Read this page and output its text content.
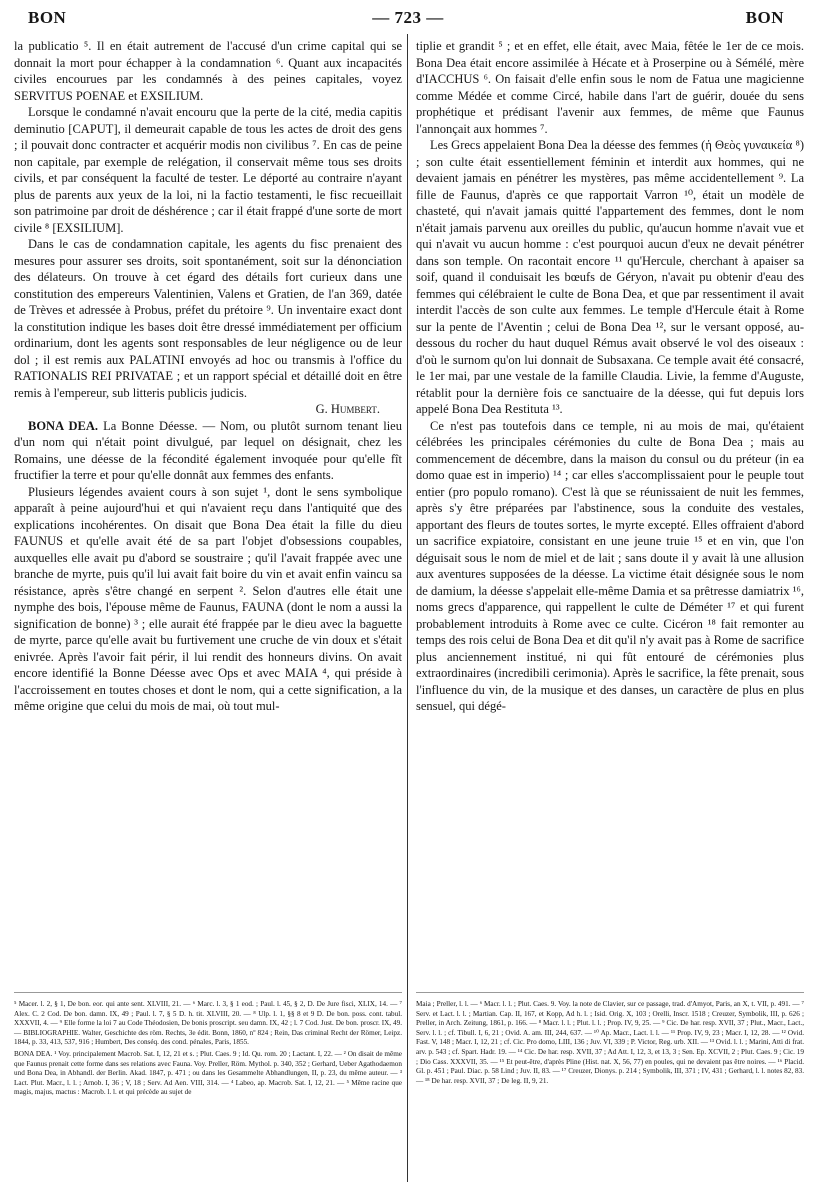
BON	— 723 —	BON

la publicatio ⁵. Il en était autrement de l'accusé d'un crime capital qui se donnait la mort pour échapper à la condamnation ⁶. Quant aux incapacités civiles encourues par les condamnés à des peines capitales, voyez SERVITUS POENAE et EXSILIUM.

Lorsque le condamné n'avait encouru que la perte de la cité, media capitis deminutio [CAPUT], il demeurait capable de tous les actes de droit des gens ; il pouvait donc contracter et acquérir modis non civilibus ⁷. En cas de peine non capitale, par exemple de relégation, il conservait même tous ses droits civils, et par conséquent la faculté de tester. Le déporté au contraire n'ayant plus de parents aux yeux de la loi, ni la factio testamenti, le fisc recueillait son patrimoine par droit de déshérence ; car il était frappé d'une sorte de mort civile ⁸ [EXSILIUM].

Dans le cas de condamnation capitale, les agents du fisc prenaient des mesures pour assurer ses droits, soit spontanément, soit sur la dénonciation des délateurs. On trouve à cet égard des détails fort curieux dans une constitution des empereurs Valentinien, Valens et Gratien, de l'an 369, datée de Trèves et adressée à Probus, préfet du prétoire ⁹. Un inventaire exact dont la constitution indique les bases doit être dressé immédiatement per officium ordinarium, dont les agents sont responsables de leur négligence ou de leur dol ; il est remis aux PALATINI envoyés ad hoc ou transmis à l'office du RATIONALIS REI PRIVATAE ; et un rapport spécial et détaillé doit en être remis à l'empereur, sub litteris publicis judicis.

G. Humbert.

BONA DEA. La Bonne Déesse. — Nom, ou plutôt surnom tenant lieu d'un nom qui n'était point divulgué, par lequel on désignait, chez les Romains, une déesse de la fécondité également invoquée pour qu'elle fît fructifier la terre et pour qu'elle donnât aux femmes des enfants.

Plusieurs légendes avaient cours à son sujet ¹, dont le sens symbolique apparaît à peine aujourd'hui et qui n'avaient reçu dans l'antiquité que des explications incohérentes. On disait que Bona Dea était la fille du dieu FAUNUS et qu'elle avait été de sa part l'objet d'obsessions coupables, auxquelles elle avait pu d'abord se soustraire ; qu'il l'avait frappée avec une branche de myrte, puis qu'il lui avait fait boire du vin et avait enfin vaincu sa résistance, après s'être changé en serpent ². Selon d'autres elle était une nymphe des bois, l'épouse même de Faunus, FAUNA (dont le nom a aussi la signification de bonne) ³ ; elle aurait été frappée par le dieu avec la baguette de myrte, parce qu'elle avait bu furtivement une cruche de vin doux et s'était enivrée. Après l'avoir fait périr, il lui rendit des honneurs divins. On avait encore identifié la Bonne Déesse avec Ops et avec MAIA ⁴, qui préside à l'accroissement en toutes choses et dont le nom, qui a cette signification, a la même origine que celui du mois de mai, où tout mul-

tiplie et grandit ⁵ ; et en effet, elle était, avec Maia, fêtée le 1er de ce mois. Bona Dea était encore assimilée à Hécate et à Proserpine ou à Sémélé, mère d'IACCHUS ⁶. On faisait d'elle enfin sous le nom de Fatua une magicienne comme Médée et comme Circé, habile dans l'art de guérir, douée du sens prophétique et prédisant l'avenir aux femmes, de même que Faunus l'annonçait aux hommes ⁷.

Les Grecs appelaient Bona Dea la déesse des femmes (ἡ Θεὸς γυναικεία ⁸) ; son culte était essentiellement féminin et interdit aux hommes, qui ne devaient jamais en pénétrer les mystères, pas même accidentellement ⁹. La fille de Faunus, d'après ce que rapportait Varron ¹⁰, était un modèle de chasteté, qui n'avait jamais quitté l'appartement des femmes, dont le nom n'était jamais parvenu aux oreilles du public, qu'aucun homme n'avait vue et qui n'avait vu aucun homme : c'est pourquoi aucun d'eux ne devait pénétrer dans son temple. On racontait encore ¹¹ qu'Hercule, cherchant à apaiser sa soif, quand il conduisait les bœufs de Géryon, n'avait pu obtenir d'eau des femmes qui célébraient le culte de Bona Dea, et que par ressentiment il avait interdit l'accès de son culte aux femmes. Le temple d'Hercule était à Rome sur la pente de l'Aventin ; celui de Bona Dea ¹², sur le versant opposé, au-dessous du rocher du haut duquel Rémus avait observé le vol des oiseaux : d'où le surnom qu'on lui donnait de Subsaxana. Ce temple avait été consacré, le 1er mai, par une vestale de la famille Claudia. Livie, la femme d'Auguste, rétablit pour la dernière fois ce sanctuaire de la déesse, qui fut depuis lors appelé Bona Dea Restituta ¹³.

Ce n'est pas toutefois dans ce temple, ni au mois de mai, qu'étaient célébrées les principales cérémonies du culte de Bona Dea ; mais au commencement de décembre, dans la maison du consul ou du préteur (in ea domo quae est in imperio) ¹⁴ ; car elles s'accomplissaient pour le peuple tout entier (pro populo romano). C'est là que se réunissaient de nuit les femmes, après s'y être préparées par l'abstinence, sous la conduite des vestales, apportant des fleurs de toutes sortes, le myrte excepté. Elles offraient d'abord un sacrifice expiatoire, consistant en une jeune truie ¹⁵ et en vin, que l'on déguisait sous le nom de miel et de lait ; sans doute il y avait là une allusion aux aventures supposées de la déesse. La victime était désignée sous le nom de damium, la déesse s'appelait elle-même Damia et sa prêtresse damiatrix ¹⁶, noms grecs d'apparence, qui rappellent le culte de Déméter ¹⁷ et qui furent probablement introduits à Rome avec ce culte. Cicéron ¹⁸ fait remonter au temps des rois celui de Bona Dea et dit qu'il n'y avait pas à Rome de sacrifice plus anciennement institué, ni qui fût entouré de cérémonies plus extraordinaires (incredibili cerimonia). Après le sacrifice, la fête prenait, sous l'influence du vin, de la musique et des danses, un caractère de plus en plus sensuel, qui dégé-

⁵ Macer. l. 2, § 1, De bon. eor. qui ante sent. XLVIII, 21. — ⁶ Marc. l. 3, § 1 eod. ; Paul. l. 45, § 2, D. De Jure fisci, XLIX, 14. — ⁷ Alex. C. 2 Cod. De bon. damn. IX, 49 ; Paul. l. 7, § 5 D. h. tit. XLVIII, 20. — ⁸ Ulp. l. 1, §§ 8 et 9 D. De bon. poss. cont. tabul. XXXVII, 4. — ⁹ Elle forme la loi 7 au Code Théodosien, De bonis proscript. seu damn. IX, 42 ; l. 7 Cod. Just. De bon. proscr. IX, 49. — BIBLIOGRAPHIE. Walter, Geschichte des röm. Rechts, 3e édit. Bonn, 1860, nº 824 ; Rein, Das criminal Recht der Römer, Leipz. 1844, p. 33, 413, 537, 916 ; Humbert, Des conséq. des cond. pénales, Paris, 1855.

BONA DEA. ¹ Voy. principalement Macrob. Sat. I, 12, 21 et s. ; Plut. Caes. 9 ; Id. Qu. rom. 20 ; Lactant. I, 22. — ² On disait de même que Faunus prenait cette forme dans ses relations avec Fauna. Voy. Preller, Röm. Mythol. p. 340, 352 ; Gerhard, Ueber Agathodaemon und Bona Dea, in Abhandl. der Berlin. Akad. 1847, p. 471 ; ou dans les Gesammelte Abhandlungen, II, p. 23, du même auteur. — ³ Lact. Plut. Macr., l. l. ; Arnob. I, 36 ; V, 18 ; Serv. Ad Aen. VIII, 314. — ⁴ Labeo, ap. Macrob. Sat. I, 12, 21. — ⁵ Même racine que magis, majus, mactus : Macrob. l. l. et qui précède au sujet de

Maia ; Preller, l. l. — ⁶ Macr. l. l. ; Plut. Caes. 9. Voy. la note de Clavier, sur ce passage, trad. d'Amyot, Paris, an X, t. VII, p. 491. — ⁷ Serv. et Lact. l. l. ; Martian. Cap. II, 167, et Kopp, Ad h. l. ; Isid. Orig. X, 103 ; Orelli, Inscr. 1518 ; Creuzer, Symbolik, III, p. 626 ; Preller, in Arch. Zeitung, 1861, p. 166. — ⁸ Macr. l. l. ; Plut. l. l. ; Prop. IV, 9, 25. — ⁹ Cic. De har. resp. XVII, 37 ; Plut., Macr., Lact., Serv. l. l. ; cf. Tibull. I, 6, 21 ; Ovid. A. am. III, 244, 637. — ¹⁰ Ap. Macr., Lact. l. l. — ¹¹ Prop. IV, 9, 23 ; Macr. I, 12, 28. — ¹² Ovid. Fast. V, 148 ; Macr. I, 12, 21 ; cf. Cic. Pro domo, LIII, 136 ; Juv. VI, 339 ; P. Victor, Reg. urb. XII. — ¹³ Ovid. l. l. ; Marini, Atti di frat. arv. p. 543 ; cf. Spart. Hadr. 19. — ¹⁴ Cic. De har. resp. XVII, 37 ; Ad Att. I, 12, 3, et 13, 3 ; Sen. Ep. XCVII, 2 ; Plut. Caes. 9 ; Cic. 19 ; Dio Cass. XXXVII, 35. — ¹⁵ Et peut-être, d'après Pline (Hist. nat. X, 56, 77) en poules, qui ne devaient pas être noires. — ¹⁶ Placid. Gl. p. 451 ; Paul. Diac. p. 58 Lind ; Juv. II, 83. — ¹⁷ Creuzer, Dionys. p. 214 ; Symbolik, III, 371 ; IV, 431 ; Gerhard, l. l. notes 82, 83. — ¹⁸ De har. resp. XVII, 37 ; De leg. II, 9, 21.
